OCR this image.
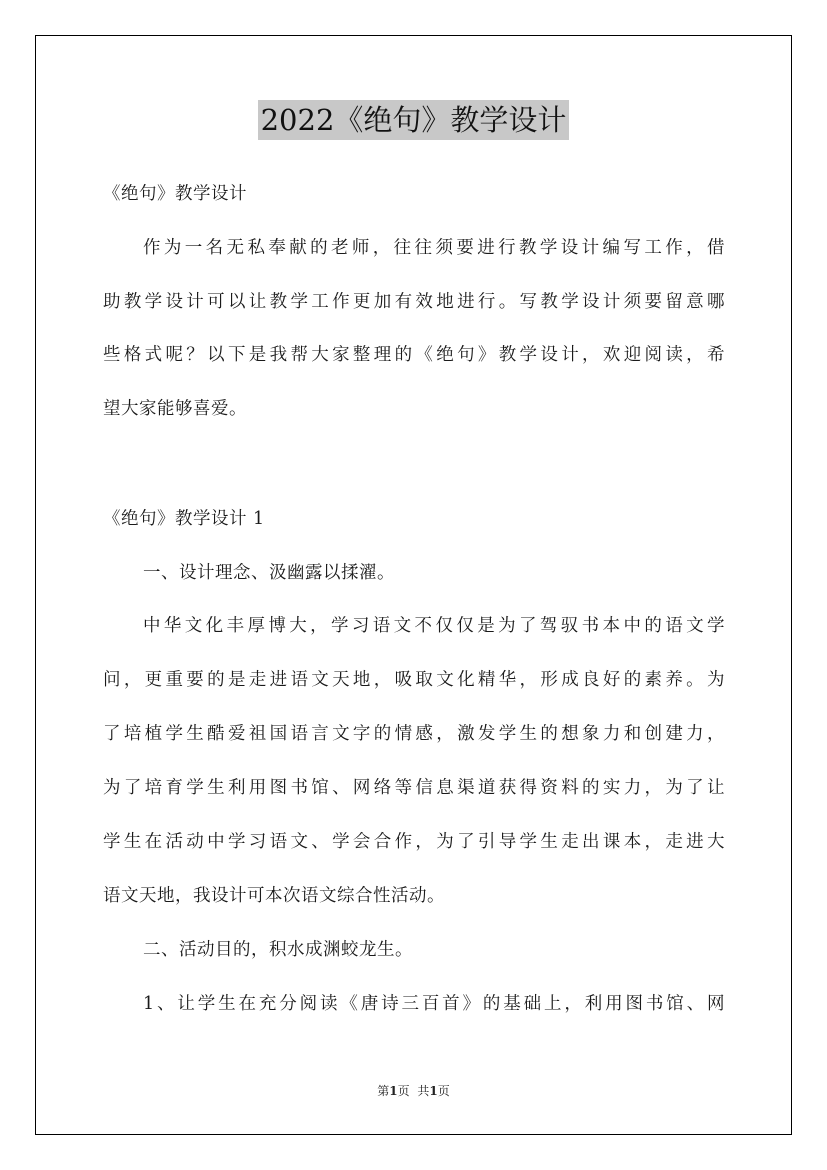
2022《绝句》教学设计
《绝句》教学设计
作为一名无私奉献的老师，往往须要进行教学设计编写工作，借
助教学设计可以让教学工作更加有效地进行。写教学设计须要留意哪
些格式呢？以下是我帮大家整理的《绝句》教学设计，欢迎阅读，希
望大家能够喜爱。
《绝句》教学设计 1
一、设计理念、汲幽露以揉濯。
中华文化丰厚博大，学习语文不仅仅是为了驾驭书本中的语文学
问，更重要的是走进语文天地，吸取文化精华，形成良好的素养。为
了培植学生酷爱祖国语言文字的情感，激发学生的想象力和创建力，
为了培育学生利用图书馆、网络等信息渠道获得资料的实力，为了让
学生在活动中学习语文、学会合作，为了引导学生走出课本，走进大
语文天地，我设计可本次语文综合性活动。
二、活动目的，积水成渊蛟龙生。
1、让学生在充分阅读《唐诗三百首》的基础上，利用图书馆、网
第1页 共1页
